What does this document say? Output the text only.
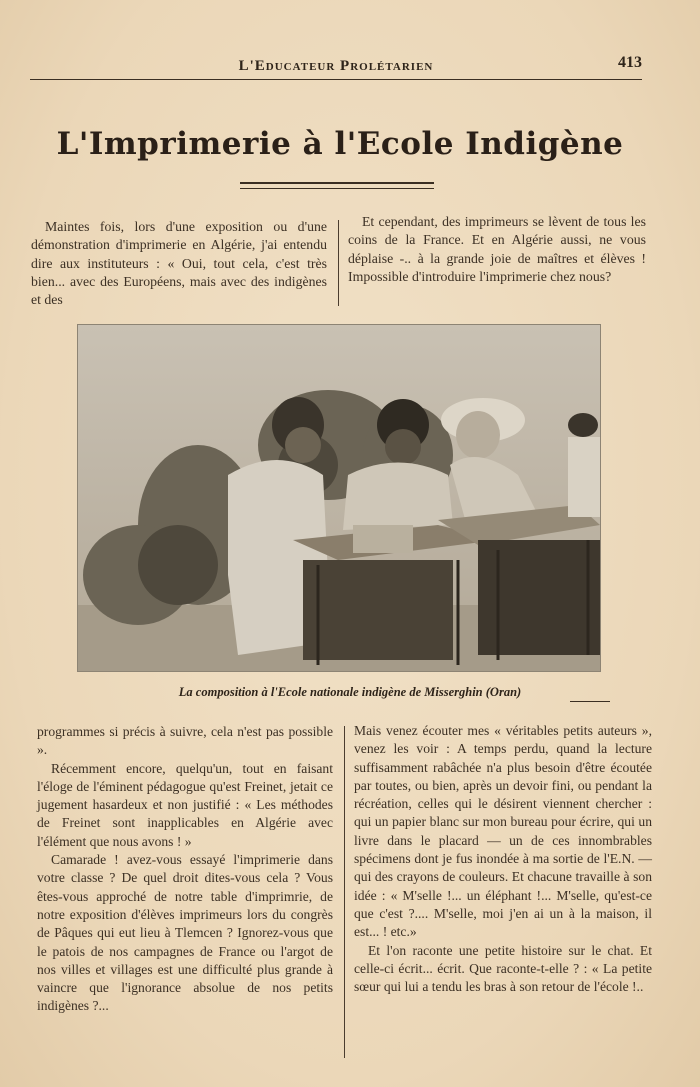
L'Educateur Prolétarien	413
L'Imprimerie à l'Ecole Indigène

Maintes fois, lors d'une exposition ou d'une démonstration d'imprimerie en Algérie, j'ai entendu dire aux instituteurs : « Oui, tout cela, c'est très bien... avec des Européens, mais avec des indigènes et des

Et cependant, des imprimeurs se lèvent de tous les coins de la France. Et en Algérie aussi, ne vous déplaise -.. à la grande joie de maîtres et élèves ! Impossible d'introduire l'imprimerie chez nous?

La composition à l'Ecole nationale indigène de Misserghin (Oran)

programmes si précis à suivre, cela n'est pas possible ».

Récemment encore, quelqu'un, tout en faisant l'éloge de l'éminent pédagogue qu'est Freinet, jetait ce jugement hasardeux et non justifié : « Les méthodes de Freinet sont inapplicables en Algérie avec l'élément que nous avons ! »

Camarade ! avez-vous essayé l'imprimerie dans votre classe ? De quel droit dites-vous cela ? Vous êtes-vous approché de notre table d'imprimrie, de notre exposition d'élèves imprimeurs lors du congrès de Pâques qui eut lieu à Tlemcen ? Ignorez-vous que le patois de nos campagnes de France ou l'argot de nos villes et villages est une difficulté plus grande à vaincre que l'ignorance absolue de nos petits indigènes ?...

Mais venez écouter mes « véritables petits auteurs », venez les voir : A temps perdu, quand la lecture suffisamment rabâchée n'a plus besoin d'être écoutée par toutes, ou bien, après un devoir fini, ou pendant la récréation, celles qui le désirent viennent chercher : qui un papier blanc sur mon bureau pour écrire, qui un livre dans le placard — un de ces innombrables spécimens dont je fus inondée à ma sortie de l'E.N. — qui des crayons de couleurs. Et chacune travaille à son idée : « M'selle !... un éléphant !... M'selle, qu'est-ce que c'est ?.... M'selle, moi j'en ai un à la maison, il est... ! etc.»

Et l'on raconte une petite histoire sur le chat. Et celle-ci écrit... écrit. Que raconte-t-elle ? : « La petite sœur qui lui a tendu les bras à son retour de l'école !..
